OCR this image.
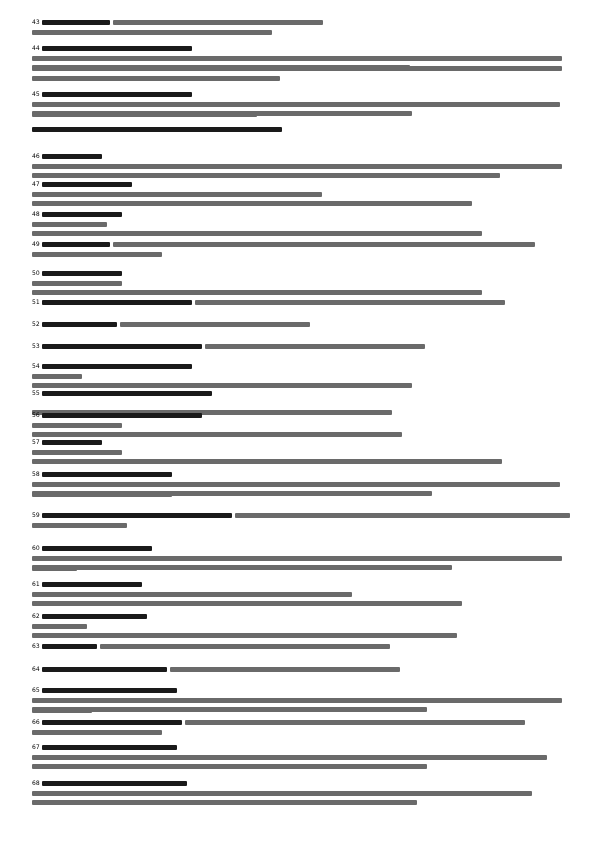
43
44
45
46
47
48
49
50
51
52
53
54
55
56
57
58
59
60
61
62
63
64
65
66
67
68
